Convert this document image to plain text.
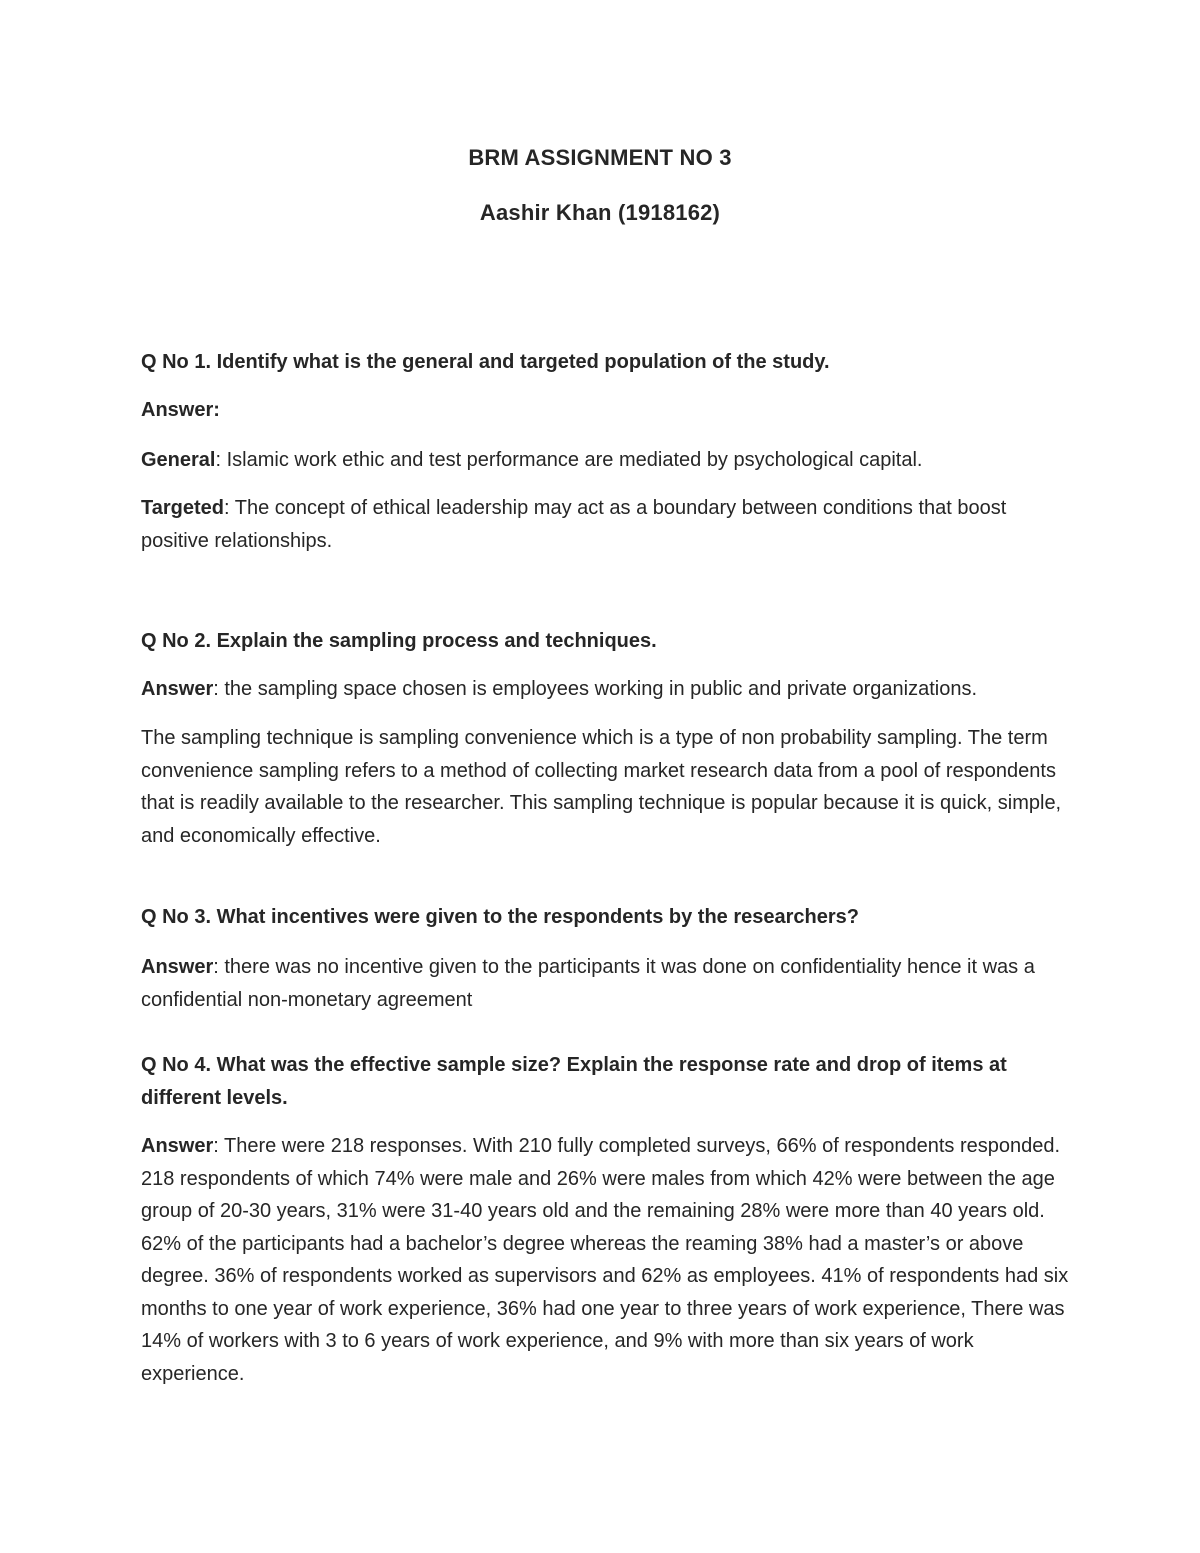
BRM ASSIGNMENT NO 3
Aashir Khan (1918162)

Q No 1. Identify what is the general and targeted population of the study.

Answer:

General: Islamic work ethic and test performance are mediated by psychological capital.

Targeted: The concept of ethical leadership may act as a boundary between conditions that boost positive relationships.

Q No 2. Explain the sampling process and techniques.

Answer: the sampling space chosen is employees working in public and private organizations.

The sampling technique is sampling convenience which is a type of non probability sampling. The term convenience sampling refers to a method of collecting market research data from a pool of respondents that is readily available to the researcher. This sampling technique is popular because it is quick, simple, and economically effective.

Q No 3. What incentives were given to the respondents by the researchers?

Answer: there was no incentive given to the participants it was done on confidentiality hence it was a confidential non-monetary agreement

Q No 4. What was the effective sample size? Explain the response rate and drop of items at different levels.

Answer: There were 218 responses. With 210 fully completed surveys, 66% of respondents responded. 218 respondents of which 74% were male and 26% were males from which 42% were between the age group of 20-30 years, 31% were 31-40 years old and the remaining 28% were more than 40 years old. 62% of the participants had a bachelor’s degree whereas the reaming 38% had a master’s or above degree. 36% of respondents worked as supervisors and 62% as employees. 41% of respondents had six months to one year of work experience, 36% had one year to three years of work experience, There was 14% of workers with 3 to 6 years of work experience, and 9% with more than six years of work experience.
